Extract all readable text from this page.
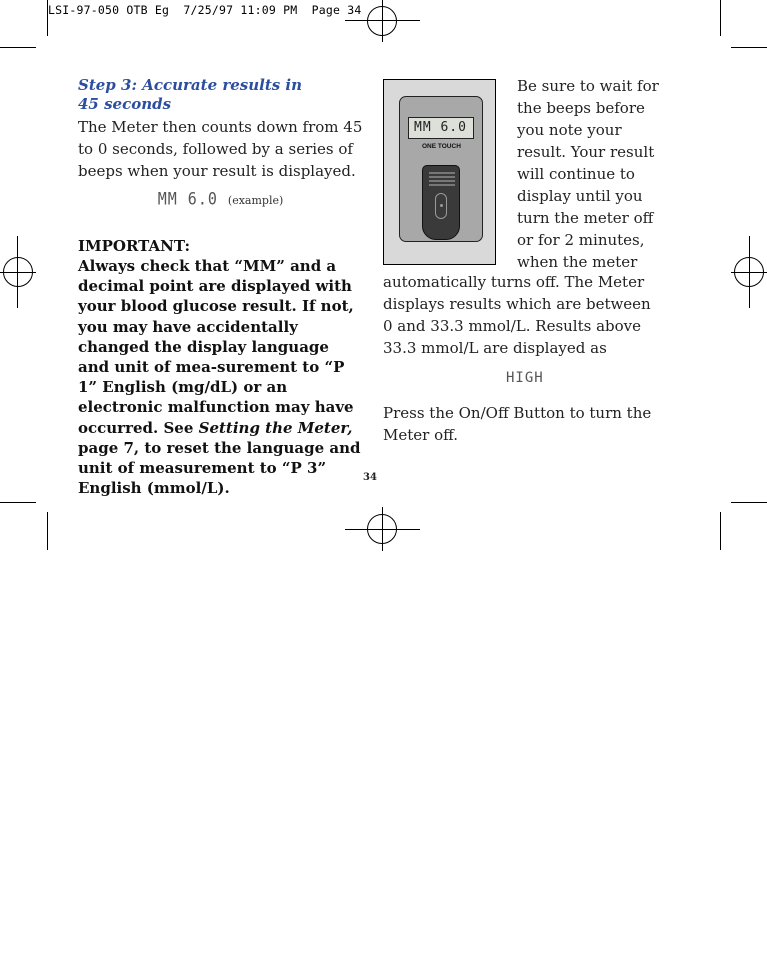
LSI-97-050 OTB Eg  7/25/97 11:09 PM  Page 34
Step 3: Accurate results in
45 seconds

The Meter then counts down from 45 to 0 seconds, followed by a series of beeps when your result is displayed.

MM 6.0 (example)
IMPORTANT:

Always check that “MM” and a decimal point are displayed with your blood glucose result. If not, you may have accidentally changed the display language and unit of mea-surement to “P 1” English (mg/dL) or an electronic malfunction may have occurred. See Setting the Meter, page 7, to reset the language and unit of measurement to “P 3” English (mmol/L).

MM 6.0
ONE TOUCH

Be sure to wait for the beeps before you note your result. Your result will continue to display until you turn the meter off or for 2 minutes, when the meter

automatically turns off. The Meter displays results which are between 0 and 33.3 mmol/L. Results above 33.3 mmol/L are displayed as

HIGH

Press the On/Off Button to turn the Meter off.

34
